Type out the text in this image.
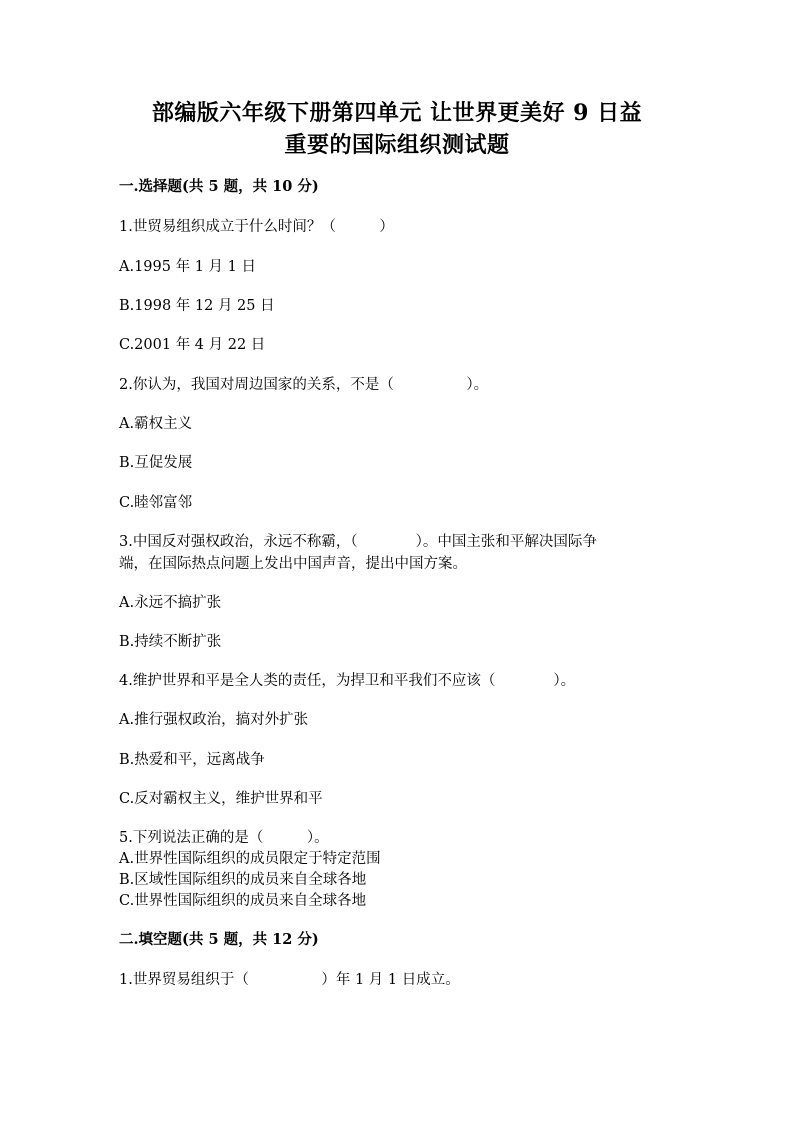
部编版六年级下册第四单元 让世界更美好 9 日益
重要的国际组织测试题
一.选择题(共 5 题，共 10 分)
1.世贸易组织成立于什么时间？（　　　）
A.1995 年 1 月 1 日
B.1998 年 12 月 25 日
C.2001 年 4 月 22 日
2.你认为，我国对周边国家的关系，不是（　　　　　）。
A.霸权主义
B.互促发展
C.睦邻富邻
3.中国反对强权政治，永远不称霸，（　　　　）。中国主张和平解决国际争
端，在国际热点问题上发出中国声音，提出中国方案。
A.永远不搞扩张
B.持续不断扩张
4.维护世界和平是全人类的责任，为捍卫和平我们不应该（　　　　）。
A.推行强权政治，搞对外扩张
B.热爱和平，远离战争
C.反对霸权主义，维护世界和平
5.下列说法正确的是（　　　）。
A.世界性国际组织的成员限定于特定范围
B.区域性国际组织的成员来自全球各地
C.世界性国际组织的成员来自全球各地
二.填空题(共 5 题，共 12 分)
1.世界贸易组织于（　　　　　）年 1 月 1 日成立。
